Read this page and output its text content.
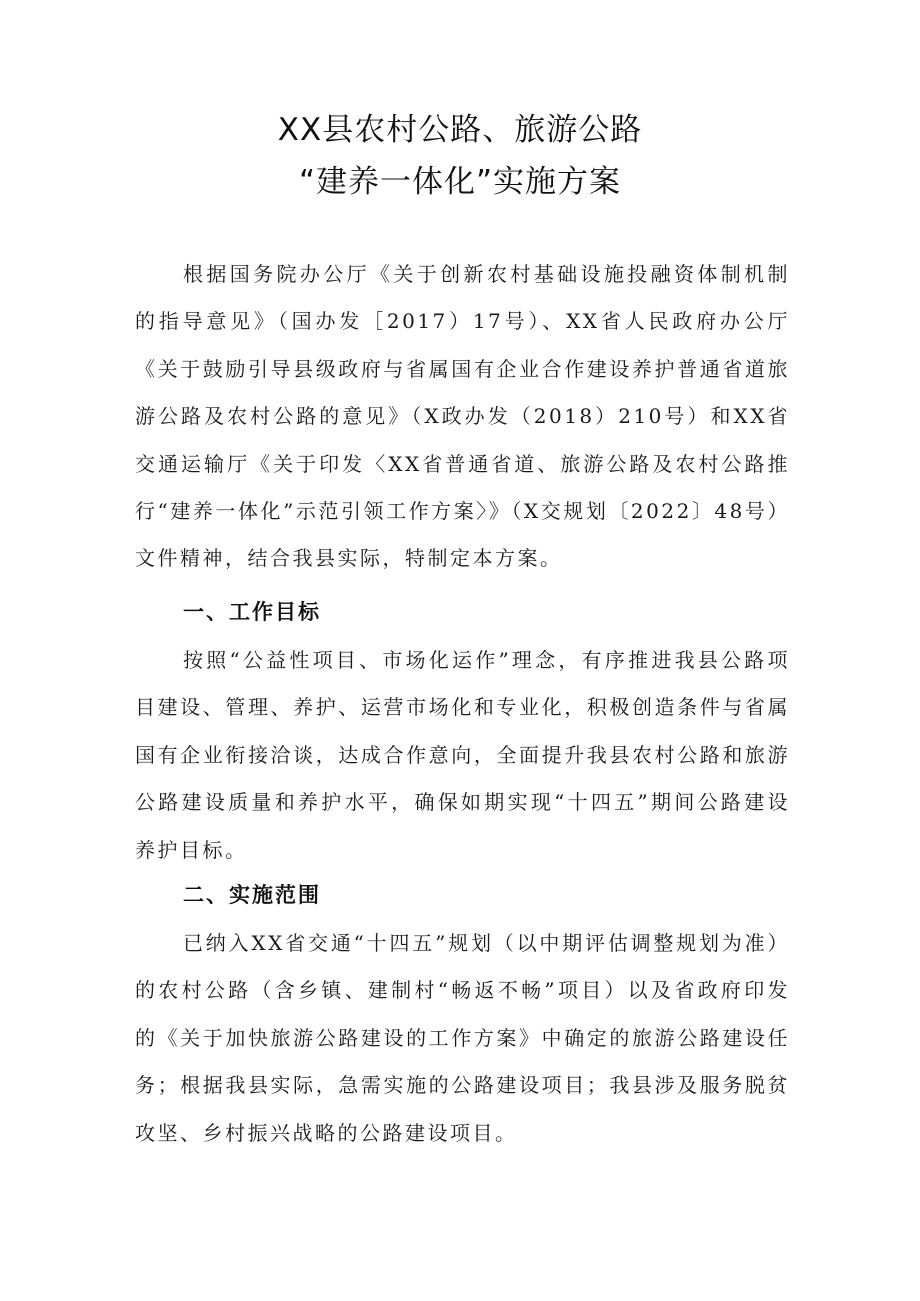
XX县农村公路、旅游公路
“建养一体化”实施方案
根据国务院办公厅《关于创新农村基础设施投融资体制机制的指导意见》（国办发［2017）17号）、XX省人民政府办公厅《关于鼓励引导县级政府与省属国有企业合作建设养护普通省道旅游公路及农村公路的意见》（X政办发（2018）210号）和XX省交通运输厅《关于印发〈XX省普通省道、旅游公路及农村公路推行“建养一体化”示范引领工作方案〉》（X交规划〔2022〕48号）文件精神，结合我县实际，特制定本方案。
一、工作目标
按照“公益性项目、市场化运作”理念，有序推进我县公路项目建设、管理、养护、运营市场化和专业化，积极创造条件与省属国有企业衔接洽谈，达成合作意向，全面提升我县农村公路和旅游公路建设质量和养护水平，确保如期实现“十四五”期间公路建设养护目标。
二、实施范围
已纳入XX省交通“十四五”规划（以中期评估调整规划为准）的农村公路（含乡镇、建制村“畅返不畅”项目）以及省政府印发的《关于加快旅游公路建设的工作方案》中确定的旅游公路建设任务；根据我县实际，急需实施的公路建设项目；我县涉及服务脱贫攻坚、乡村振兴战略的公路建设项目。
